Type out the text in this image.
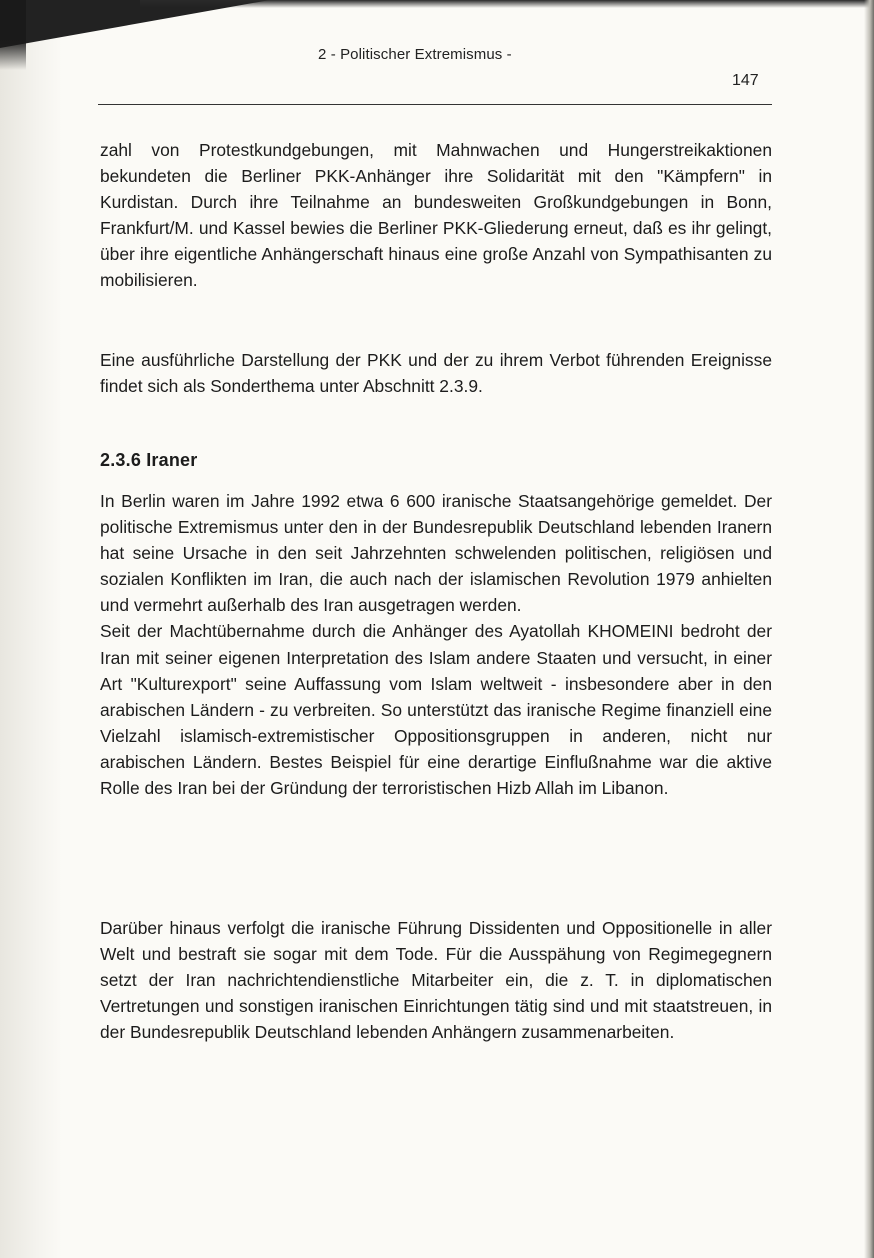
2 - Politischer Extremismus -
147

zahl von Protestkundgebungen, mit Mahnwachen und Hungerstreikaktionen bekundeten die Berliner PKK-Anhänger ihre Solidarität mit den "Kämpfern" in Kurdistan. Durch ihre Teilnahme an bundesweiten Großkundgebungen in Bonn, Frankfurt/M. und Kassel bewies die Berliner PKK-Gliederung erneut, daß es ihr gelingt, über ihre eigentliche Anhängerschaft hinaus eine große Anzahl von Sympathisanten zu mobilisieren.

Eine ausführliche Darstellung der PKK und der zu ihrem Verbot führenden Ereignisse findet sich als Sonderthema unter Abschnitt 2.3.9.

2.3.6 Iraner

In Berlin waren im Jahre 1992 etwa 6 600 iranische Staatsangehörige gemeldet. Der politische Extremismus unter den in der Bundesrepublik Deutschland lebenden Iranern hat seine Ursache in den seit Jahrzehnten schwelenden politischen, religiösen und sozialen Konflikten im Iran, die auch nach der islamischen Revolution 1979 anhielten und vermehrt außerhalb des Iran ausgetragen werden.
Seit der Machtübernahme durch die Anhänger des Ayatollah KHOMEINI bedroht der Iran mit seiner eigenen Interpretation des Islam andere Staaten und versucht, in einer Art "Kulturexport" seine Auffassung vom Islam weltweit - insbesondere aber in den arabischen Ländern - zu verbreiten. So unterstützt das iranische Regime finanziell eine Vielzahl islamisch-extremistischer Oppositionsgruppen in anderen, nicht nur arabischen Ländern. Bestes Beispiel für eine derartige Einflußnahme war die aktive Rolle des Iran bei der Gründung der terroristischen Hizb Allah im Libanon.

Darüber hinaus verfolgt die iranische Führung Dissidenten und Oppositionelle in aller Welt und bestraft sie sogar mit dem Tode. Für die Ausspähung von Regimegegnern setzt der Iran nachrichtendienstliche Mitarbeiter ein, die z. T. in diplomatischen Vertretungen und sonstigen iranischen Einrichtungen tätig sind und mit staatstreuen, in der Bundesrepublik Deutschland lebenden Anhängern zusammenarbeiten.
